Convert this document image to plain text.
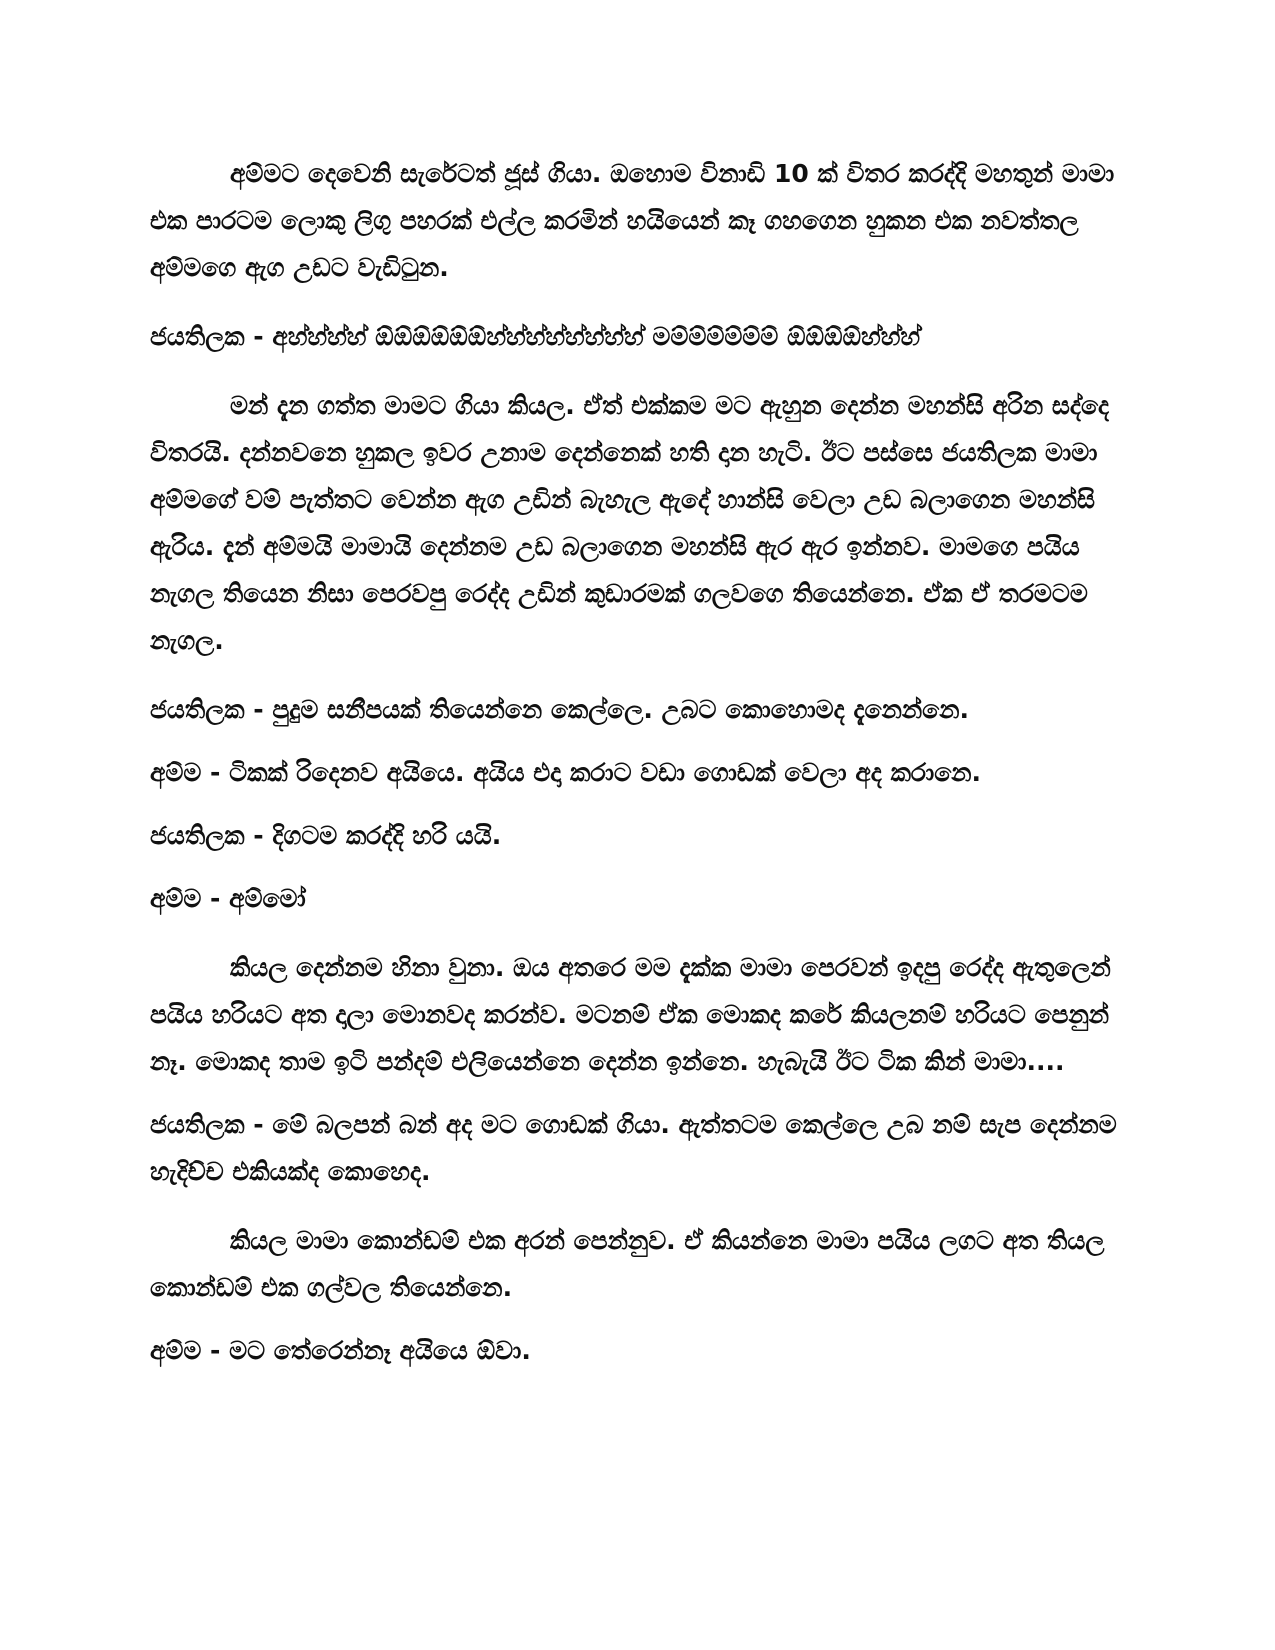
අම්මට දෙවෙනි සැරේටත් ජූස් ගියා. ඔහොම විනාඩි 10 ක් විතර කරද්දි මහතුන් මාමා එක පාරටම ලොකු ලිගු පහරක් එල්ල කරමින් හයියෙන් කෑ ගහගෙන හුකන එක නවත්තල අම්මගෙ ඇග උඩට වැඩිටුන.

ජයතිලක - අහ්හ්හ්හ් ඕඕඕඕඕඕහ්හ්හ්හ්හ්හ්හ්හ් මම්ම්ම්ම්ම්ම් ඕඕඕඕහ්හ්හ්

මන් දැන ගත්ත මාමට ගියා කියල. ඒත් එක්කම මට ඇහුන දෙන්න මහන්සි අරින සද්දෙ විතරයි. දන්නවනෙ හුකල ඉවර උනාම දෙන්නෙක් හති දාන හැටි. ඊට පස්සෙ ජයතිලක මාමා අම්මගේ වම් පැත්තට වෙන්න ඇග උඩින් බැහැල ඇදේ හාන්සි වෙලා උඩ බලාගෙන මහන්සි ඇරිය. දැන් අම්මයි මාමායි දෙන්නම උඩ බලාගෙන මහන්සි ඇර ඇර ඉන්නව. මාමගෙ පයිය නැගල තියෙන නිසා පෙරවපු රෙද්ද උඩින් කුඩාරමක් ගලවගෙ තියෙන්නෙ. ඒක ඒ තරමටම නැගල.

ජයතිලක - පුදුම සනීපයක් තියෙන්නෙ කෙල්ලෙ. උබට කොහොමද දැනෙන්නෙ.

අම්ම - ටිකක් රිදෙනව අයියෙ. අයිය එදා කරාට වඩා ගොඩක් වෙලා අද කරානෙ.

ජයතිලක - දිගටම කරද්දි හරි යයි.

අම්ම - අම්මෝ

කියල දෙන්නම හිනා වුනා. ඔය අතරෙ මම දැක්ක මාමා පෙරවන් ඉදපු රෙද්ද ඇතුලෙන් පයිය හරියට අත දාලා මොනවද කරන්ව. මටනම් ඒක මොකද කරේ කියලනම් හරියට පෙනුන් නෑ. මොකද තාම ඉටි පන්දම් එලියෙන්නෙ දෙන්න ඉන්නෙ. හැබැයි ඊට ටික කින් මාමා....

ජයතිලක - මේ බලපන් බන් අද මට ගොඩක් ගියා. ඇත්තටම කෙල්ලෙ උබ නම් සැප දෙන්නම හැදිච්ච එකියක්ද කොහෙද.

කියල මාමා කොන්ඩම් එක අරන් පෙන්නුව. ඒ කියන්නෙ මාමා පයිය ලගට අත තියල කොන්ඩම් එක ගල්වල තියෙන්නෙ.

අම්ම - මට තේරෙන්නෑ අයියෙ ඕවා.
